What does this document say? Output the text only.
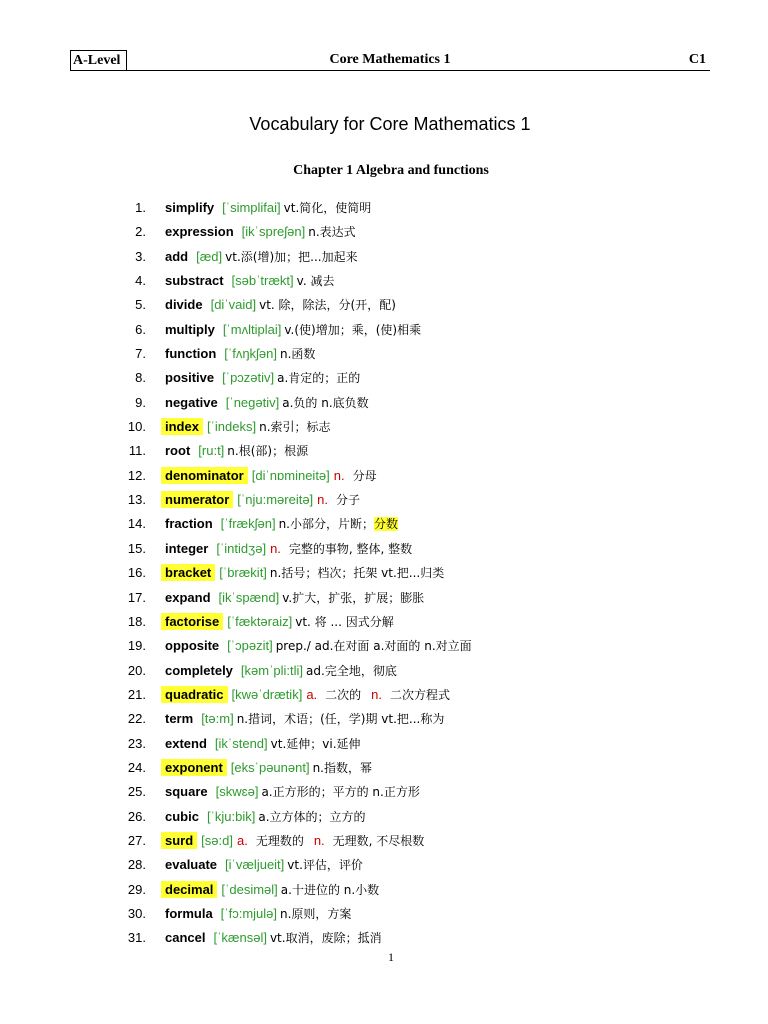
A-Level	Core Mathematics 1	C1
Vocabulary for Core Mathematics 1
Chapter 1 Algebra and functions
1.	simplify [ˈsimplifai] vt.简化，使简明
2.	expression [ikˈspreʃən] n.表达式
3.	add [æd] vt.添(增)加；把...加起来
4.	substract [səbˈtrækt] v. 减去
5.	divide [diˈvaid] vt. 除，除法，分(开，配)
6.	multiply [ˈmʌltiplai] v.(使)增加；乘，(使)相乘
7.	function [ˈfʌŋkʃən] n.函数
8.	positive [ˈpɔzətiv] a.肯定的；正的
9.	negative [ˈnegətiv] a.负的 n.底负数
10.	index [ˈindeks] n.索引；标志
11.	root [ru:t] n.根(部)；根源
12.	denominator [diˈnɒmineitə] n. 分母
13.	numerator [ˈnju:məreitə] n. 分子
14.	fraction [ˈfrækʃən] n.小部分，片断；分数
15.	integer [ˈintidʒə] n. 完整的事物, 整体, 整数
16.	bracket [ˈbrækit] n.括号；档次；托架 vt.把...归类
17.	expand [ikˈspænd] v.扩大，扩张，扩展；膨胀
18.	factorise [ˈfæktəraiz] vt. 将 ... 因式分解
19.	opposite [ˈɔpəzit] prep./ ad.在对面 a.对面的 n.对立面
20.	completely [kəmˈpli:tli] ad.完全地，彻底
21.	quadratic [kwəˈdrætik] a. 二次的 n. 二次方程式
22.	term [tə:m] n.措词，术语；(任，学)期 vt.把...称为
23.	extend [ikˈstend] vt.延伸；vi.延伸
24.	exponent [eksˈpəunənt] n.指数，幂
25.	square [skwɛə] a.正方形的；平方的 n.正方形
26.	cubic [ˈkju:bik] a.立方体的；立方的
27.	surd [sə:d] a. 无理数的 n. 无理数, 不尽根数
28.	evaluate [iˈvæljueit] vt.评估，评价
29.	decimal [ˈdesiməl] a.十进位的 n.小数
30.	formula [ˈfɔ:mjulə] n.原则，方案
31.	cancel [ˈkænsəl] vt.取消，废除；抵消
1
